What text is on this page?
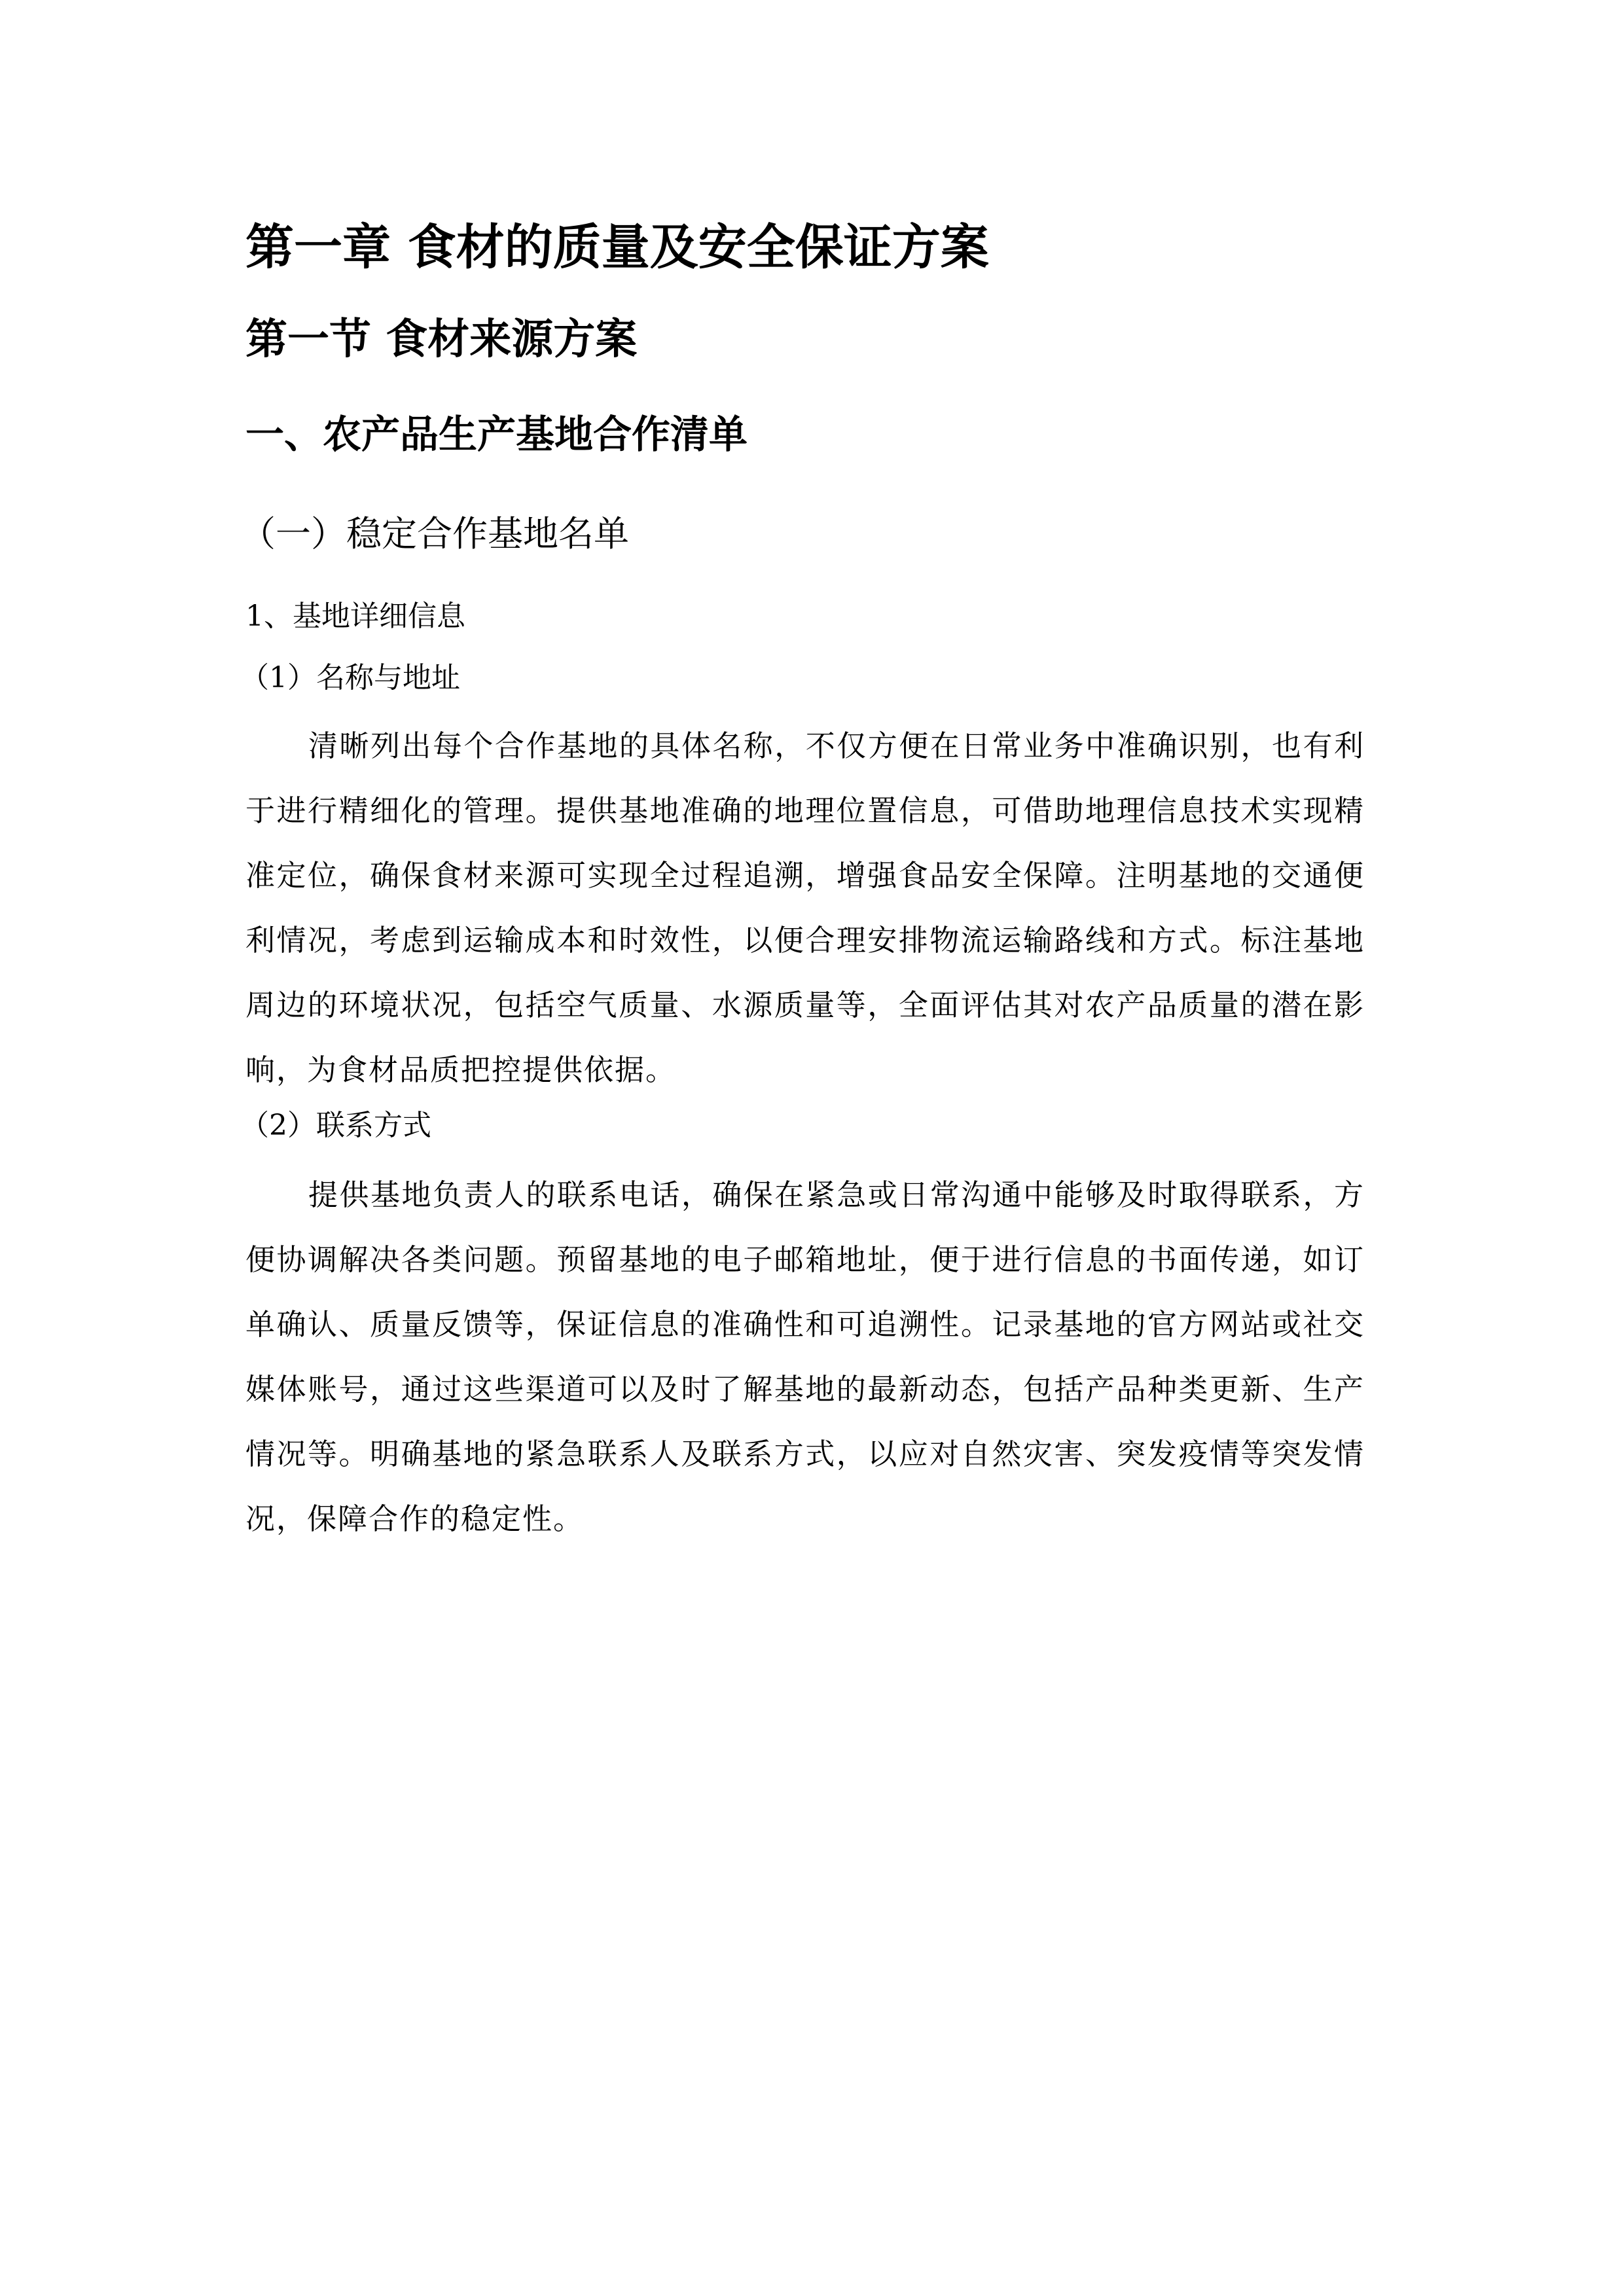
第一章 食材的质量及安全保证方案
第一节 食材来源方案
一、农产品生产基地合作清单
（一）稳定合作基地名单

1、基地详细信息

（1）名称与地址

清晰列出每个合作基地的具体名称，不仅方便在日常业务中准确识别，也有利于进行精细化的管理。提供基地准确的地理位置信息，可借助地理信息技术实现精准定位，确保食材来源可实现全过程追溯，增强食品安全保障。注明基地的交通便利情况，考虑到运输成本和时效性，以便合理安排物流运输路线和方式。标注基地周边的环境状况，包括空气质量、水源质量等，全面评估其对农产品质量的潜在影响，为食材品质把控提供依据。

（2）联系方式

提供基地负责人的联系电话，确保在紧急或日常沟通中能够及时取得联系，方便协调解决各类问题。预留基地的电子邮箱地址，便于进行信息的书面传递，如订单确认、质量反馈等，保证信息的准确性和可追溯性。记录基地的官方网站或社交媒体账号，通过这些渠道可以及时了解基地的最新动态，包括产品种类更新、生产情况等。明确基地的紧急联系人及联系方式，以应对自然灾害、突发疫情等突发情况，保障合作的稳定性。
